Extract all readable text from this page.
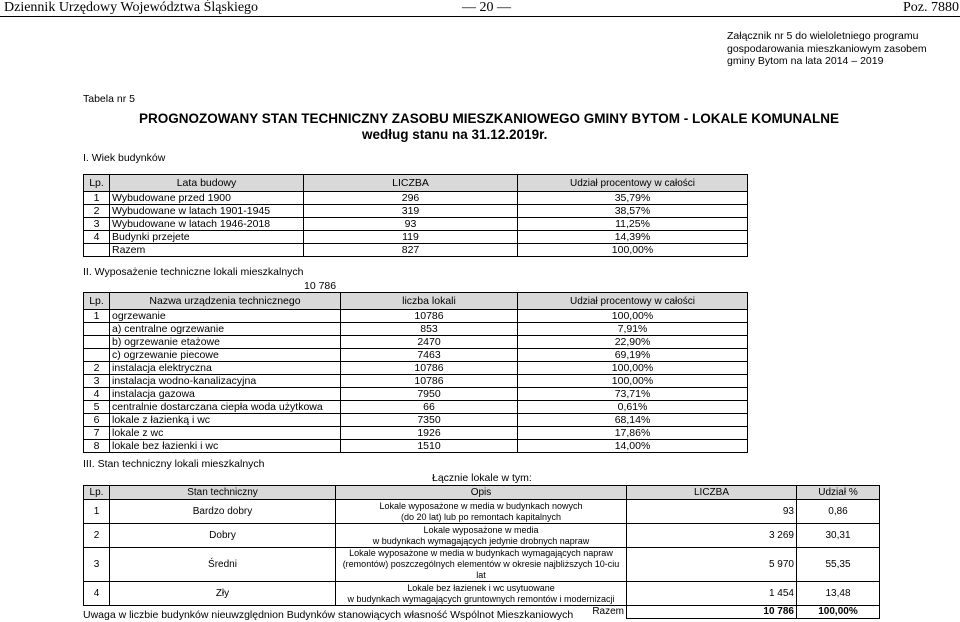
Dziennik Urzędowy Województwa Śląskiego	— 20 —	Poz. 7880
Załącznik nr 5 do wieloletniego programu gospodarowania mieszkaniowym zasobem gminy Bytom na lata 2014 – 2019
Tabela nr 5
PROGNOZOWANY STAN TECHNICZNY ZASOBU MIESZKANIOWEGO GMINY BYTOM - LOKALE KOMUNALNE
według stanu na 31.12.2019r.
I. Wiek budynków
Lp.	Lata budowy	LICZBA	Udział procentowy w całości
1	Wybudowane przed 1900	296	35,79%
2	Wybudowane w latach 1901-1945	319	38,57%
3	Wybudowane w latach 1946-2018	93	11,25%
4	Budynki przejete	119	14,39%
	Razem	827	100,00%
II. Wyposażenie techniczne lokali mieszkalnych
10 786
Lp.	Nazwa urządzenia technicznego	liczba lokali	Udział procentowy w całości
1	ogrzewanie	10786	100,00%
	a) centralne ogrzewanie	853	7,91%
	b) ogrzewanie etażowe	2470	22,90%
	c) ogrzewanie piecowe	7463	69,19%
2	instalacja elektryczna	10786	100,00%
3	instalacja wodno-kanalizacyjna	10786	100,00%
4	instalacja gazowa	7950	73,71%
5	centralnie dostarczana ciepła woda użytkowa	66	0,61%
6	lokale z łazienką i wc	7350	68,14%
7	lokale z wc	1926	17,86%
8	lokale bez łazienki i wc	1510	14,00%
III. Stan techniczny lokali mieszkalnych
Łącznie lokale w tym:
Lp.	Stan techniczny	Opis	LICZBA	Udział %
1	Bardzo dobry	Lokale wyposażone w media w budynkach nowych
(do 20 lat) lub po remontach kapitalnych	93	0,86
2	Dobry	Lokale wyposażone w media
w budynkach wymagających jedynie drobnych napraw	3 269	30,31
3	Średni	Lokale wyposażone w media w budynkach wymagających napraw
(remontów) poszczególnych elementów w okresie najbliższych 10-ciu lat	5 970	55,35
4	Zły	Lokale bez łazienek i wc usytuowane
w budynkach wymagających gruntownych remontów i modernizacji	1 454	13,48
		Razem	10 786	100,00%
Uwaga w liczbie budynków nieuwzględnion Budynków stanowiących własność Wspólnot Mieszkaniowych
